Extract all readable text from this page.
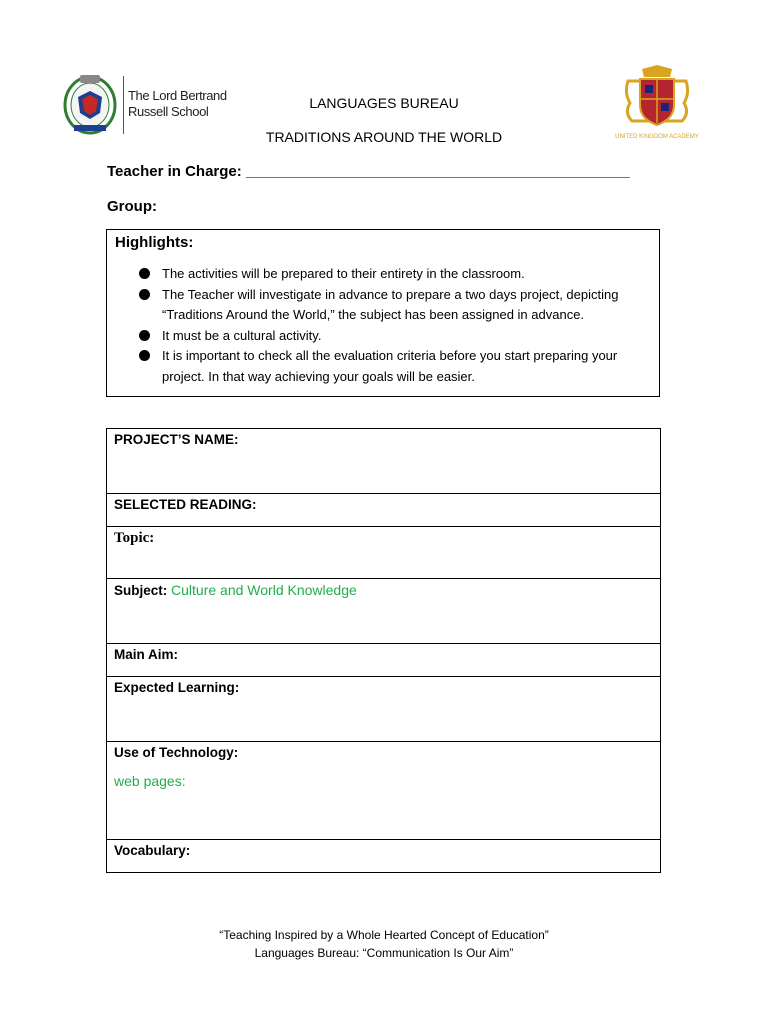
The Lord Bertrand
Russell School
UNITED KINGDOM ACADEMY
LANGUAGES BUREAU
TRADITIONS AROUND THE WORLD
Teacher in Charge: ______________________________________________
Group:
Highlights:
The activities will be prepared to their entirety in the classroom.
The Teacher will investigate in advance to prepare a two days project, depicting “Traditions Around the World,” the subject has been assigned in advance.
It must be a cultural activity.
It is important to check all the evaluation criteria before you start preparing your project. In that way achieving your goals will be easier.
PROJECT’S NAME:
SELECTED READING:
Topic:
Subject: Culture and World Knowledge
Main Aim:
Expected Learning:
Use of Technology:
web pages:

Vocabulary:
“Teaching Inspired by a Whole Hearted Concept of Education”
Languages Bureau: “Communication Is Our Aim”
